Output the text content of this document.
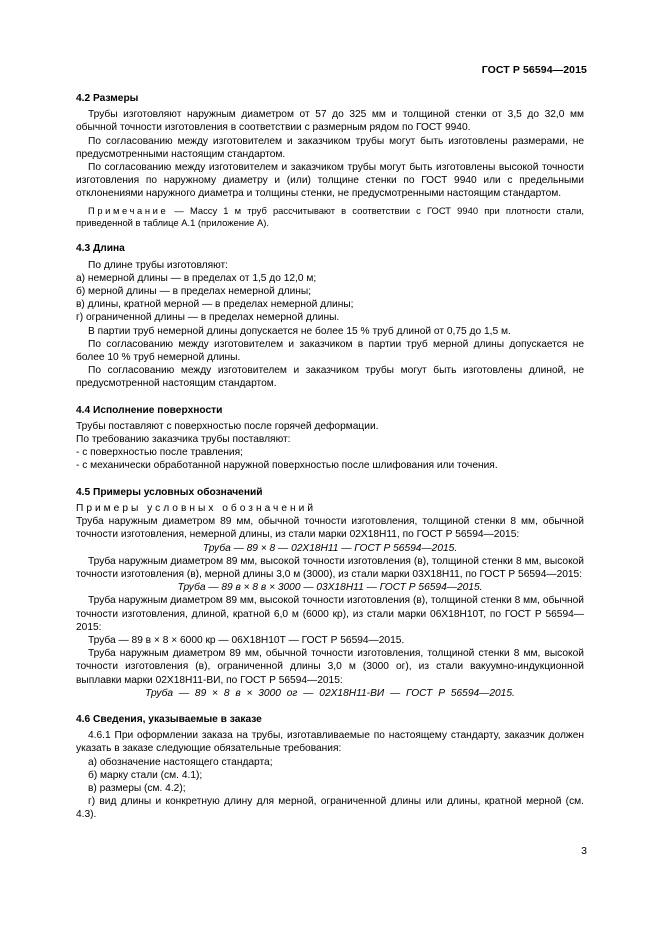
ГОСТ Р 56594—2015
4.2 Размеры

Трубы изготовляют наружным диаметром от 57 до 325 мм и толщиной стенки от 3,5 до 32,0 мм обычной точности изготовления в соответствии с размерным рядом по ГОСТ 9940.

По согласованию между изготовителем и заказчиком трубы могут быть изготовлены размерами, не предусмотренными настоящим стандартом.

По согласованию между изготовителем и заказчиком трубы могут быть изготовлены высокой точности изготовления по наружному диаметру и (или) толщине стенки по ГОСТ 9940 или с предельными отклонениями наружного диаметра и толщины стенки, не предусмотренными настоящим стандартом.

Примечание — Массу 1 м труб рассчитывают в соответствии с ГОСТ 9940 при плотности стали, приведенной в таблице А.1 (приложение А).

4.3 Длина

По длине трубы изготовляют:

а) немерной длины — в пределах от 1,5 до 12,0 м;

б) мерной длины — в пределах немерной длины;

в) длины, кратной мерной — в пределах немерной длины;

г) ограниченной длины — в пределах немерной длины.

В партии труб немерной длины допускается не более 15 % труб длиной от 0,75 до 1,5 м.

По согласованию между изготовителем и заказчиком в партии труб мерной длины допускается не более 10 % труб немерной длины.

По согласованию между изготовителем и заказчиком трубы могут быть изготовлены длиной, не предусмотренной настоящим стандартом.

4.4 Исполнение поверхности

Трубы поставляют с поверхностью после горячей деформации.

По требованию заказчика трубы поставляют:

- с поверхностью после травления;

- с механически обработанной наружной поверхностью после шлифования или точения.

4.5 Примеры условных обозначений

Примеры условных обозначений

Труба наружным диаметром 89 мм, обычной точности изготовления, толщиной стенки 8 мм, обычной точности изготовления, немерной длины, из стали марки 02Х18Н11, по ГОСТ Р 56594—2015:

Труба — 89 × 8 — 02Х18Н11 — ГОСТ Р 56594—2015.

Труба наружным диаметром 89 мм, высокой точности изготовления (в), толщиной стенки 8 мм, высокой точности изготовления (в), мерной длины 3,0 м (3000), из стали марки 03Х18Н11, по ГОСТ Р 56594—2015:

Труба — 89 в × 8 в × 3000 — 03Х18Н11 — ГОСТ Р 56594—2015.

Труба наружным диаметром 89 мм, высокой точности изготовления (в), толщиной стенки 8 мм, обычной точности изготовления, длиной, кратной 6,0 м (6000 кр), из стали марки 06Х18Н10Т, по ГОСТ Р 56594—2015:

Труба — 89 в × 8 × 6000 кр — 06Х18Н10Т — ГОСТ Р 56594—2015.

Труба наружным диаметром 89 мм, обычной точности изготовления, толщиной стенки 8 мм, высокой точности изготовления (в), ограниченной длины 3,0 м (3000 ог), из стали вакуумно-индукционной выплавки марки 02Х18Н11-ВИ, по ГОСТ Р 56594—2015:

Труба — 89 × 8 в × 3000 ог — 02Х18Н11-ВИ — ГОСТ Р 56594—2015.

4.6 Сведения, указываемые в заказе

4.6.1 При оформлении заказа на трубы, изготавливаемые по настоящему стандарту, заказчик должен указать в заказе следующие обязательные требования:

а) обозначение настоящего стандарта;

б) марку стали (см. 4.1);

в) размеры (см. 4.2);

г) вид длины и конкретную длину для мерной, ограниченной длины или длины, кратной мерной (см. 4.3).

3
